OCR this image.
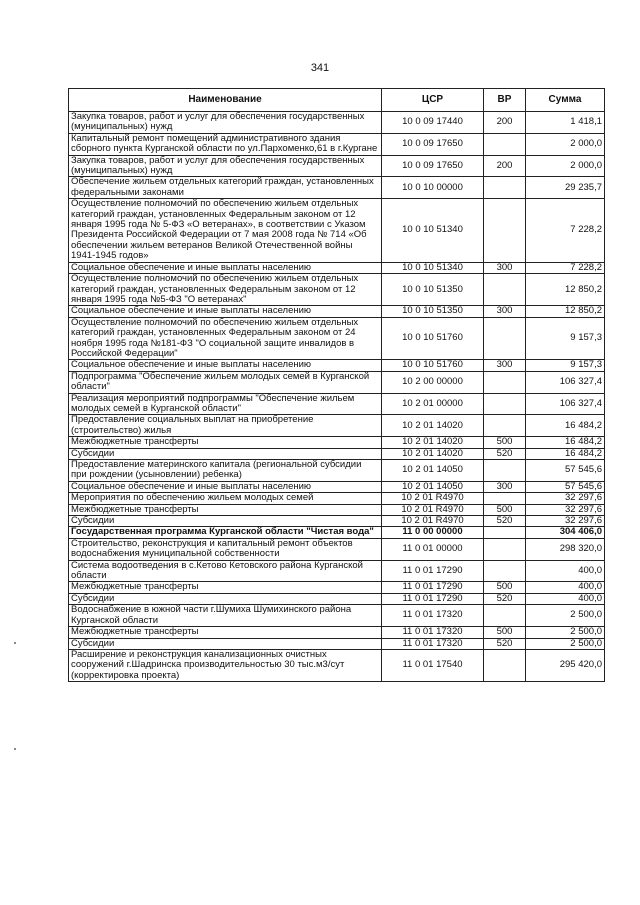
341
Наименование	ЦСР	ВР	Сумма
Закупка товаров, работ и услуг для обеспечения государственных (муниципальных) нужд	10 0 09 17440	200	1 418,1
Капитальный ремонт помещений административного здания сборного пункта Курганской области по ул.Пархоменко,61 в г.Кургане	10 0 09 17650		2 000,0
Закупка товаров, работ и услуг для обеспечения государственных (муниципальных) нужд	10 0 09 17650	200	2 000,0
Обеспечение жильем отдельных категорий граждан, установленных федеральными законами	10 0 10 00000		29 235,7
Осуществление полномочий по обеспечению жильем отдельных категорий граждан, установленных Федеральным законом от 12 января 1995 года № 5-ФЗ «О ветеранах», в соответствии с Указом Президента Российской Федерации от 7 мая 2008 года № 714 «Об обеспечении жильем ветеранов Великой Отечественной войны 1941-1945 годов»	10 0 10 51340		7 228,2
Социальное обеспечение и иные выплаты населению	10 0 10 51340	300	7 228,2
Осуществление полномочий по обеспечению жильем отдельных категорий граждан, установленных Федеральным законом от 12 января 1995 года №5-ФЗ "О ветеранах"	10 0 10 51350		12 850,2
Социальное обеспечение и иные выплаты населению	10 0 10 51350	300	12 850,2
Осуществление полномочий по обеспечению жильем отдельных категорий граждан, установленных Федеральным законом от 24 ноября 1995 года №181-ФЗ "О социальной защите инвалидов в Российской Федерации"	10 0 10 51760		9 157,3
Социальное обеспечение и иные выплаты населению	10 0 10 51760	300	9 157,3
Подпрограмма "Обеспечение жильем молодых семей в Курганской области"	10 2 00 00000		106 327,4
Реализация мероприятий подпрограммы "Обеспечение жильем молодых семей в Курганской области"	10 2 01 00000		106 327,4
Предоставление социальных выплат на приобретение (строительство) жилья	10 2 01 14020		16 484,2
Межбюджетные трансферты	10 2 01 14020	500	16 484,2
Субсидии	10 2 01 14020	520	16 484,2
Предоставление материнского капитала (региональной субсидии при рождении (усыновлении) ребенка)	10 2 01 14050		57 545,6
Социальное обеспечение и иные выплаты населению	10 2 01 14050	300	57 545,6
Мероприятия по обеспечению жильем молодых семей	10 2 01 R4970		32 297,6
Межбюджетные трансферты	10 2 01 R4970	500	32 297,6
Субсидии	10 2 01 R4970	520	32 297,6
Государственная программа Курганской области "Чистая вода"	11 0 00 00000		304 406,0
Строительство, реконструкция и капитальный ремонт объектов водоснабжения муниципальной собственности	11 0 01 00000		298 320,0
Система водоотведения в с.Кетово Кетовского района Курганской области	11 0 01 17290		400,0
Межбюджетные трансферты	11 0 01 17290	500	400,0
Субсидии	11 0 01 17290	520	400,0
Водоснабжение в южной части г.Шумиха Шумихинского района Курганской области	11 0 01 17320		2 500,0
Межбюджетные трансферты	11 0 01 17320	500	2 500,0
Субсидии	11 0 01 17320	520	2 500,0
Расширение и реконструкция канализационных очистных сооружений г.Шадринска производительностью 30 тыс.м3/сут (корректировка проекта)	11 0 01 17540		295 420,0
